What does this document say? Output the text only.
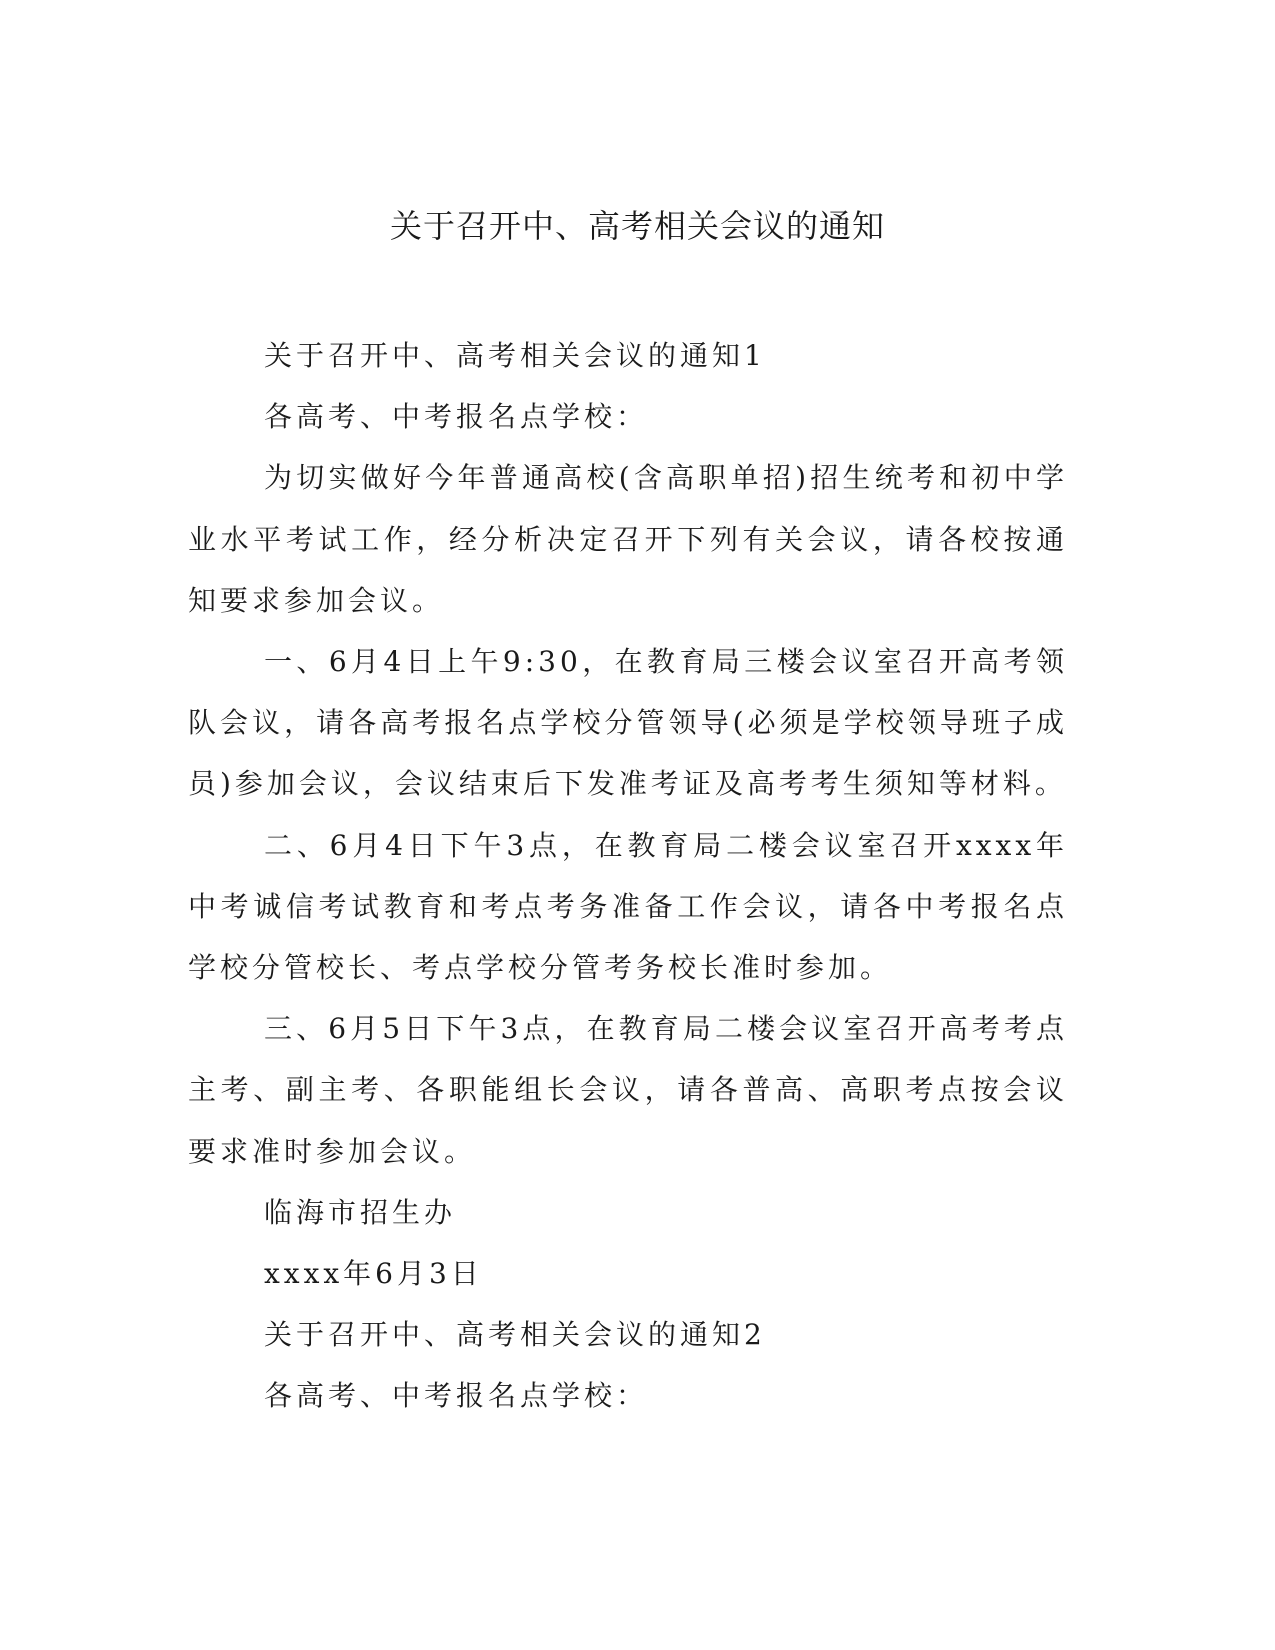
关于召开中、高考相关会议的通知

关于召开中、高考相关会议的通知1

各高考、中考报名点学校：

为切实做好今年普通高校(含高职单招)招生统考和初中学业水平考试工作，经分析决定召开下列有关会议，请各校按通知要求参加会议。

一、6月4日上午9:30，在教育局三楼会议室召开高考领队会议，请各高考报名点学校分管领导(必须是学校领导班子成员)参加会议，会议结束后下发准考证及高考考生须知等材料。

二、6月4日下午3点，在教育局二楼会议室召开xxxx年中考诚信考试教育和考点考务准备工作会议，请各中考报名点学校分管校长、考点学校分管考务校长准时参加。

三、6月5日下午3点，在教育局二楼会议室召开高考考点主考、副主考、各职能组长会议，请各普高、高职考点按会议要求准时参加会议。

临海市招生办

xxxx年6月3日

关于召开中、高考相关会议的通知2

各高考、中考报名点学校：
